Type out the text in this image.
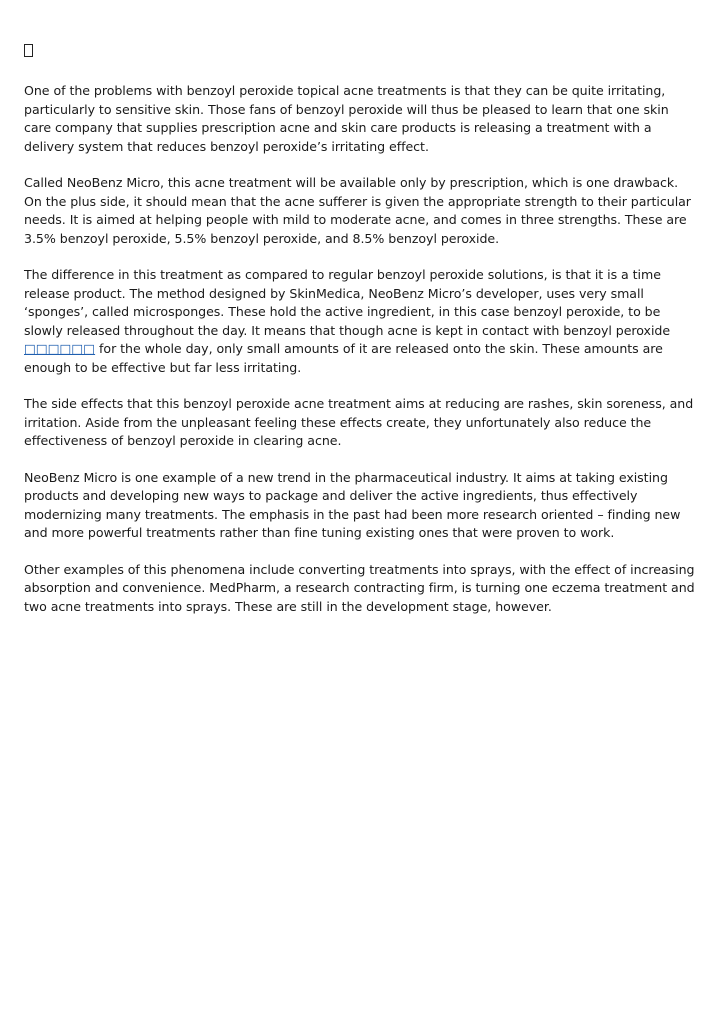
One of the problems with benzoyl peroxide topical acne treatments is that they can be quite irritating, particularly to sensitive skin. Those fans of benzoyl peroxide will thus be pleased to learn that one skin care company that supplies prescription acne and skin care products is releasing a treatment with a delivery system that reduces benzoyl peroxide’s irritating effect.

Called NeoBenz Micro, this acne treatment will be available only by prescription, which is one drawback. On the plus side, it should mean that the acne sufferer is given the appropriate strength to their particular needs. It is aimed at helping people with mild to moderate acne, and comes in three strengths. These are 3.5% benzoyl peroxide, 5.5% benzoyl peroxide, and 8.5% benzoyl peroxide.

The difference in this treatment as compared to regular benzoyl peroxide solutions, is that it is a time release product. The method designed by SkinMedica, NeoBenz Micro’s developer, uses very small ‘sponges’, called microsponges. These hold the active ingredient, in this case benzoyl peroxide, to be slowly released throughout the day. It means that though acne is kept in contact with benzoyl peroxide □□□□□□ for the whole day, only small amounts of it are released onto the skin. These amounts are enough to be effective but far less irritating.

The side effects that this benzoyl peroxide acne treatment aims at reducing are rashes, skin soreness, and irritation. Aside from the unpleasant feeling these effects create, they unfortunately also reduce the effectiveness of benzoyl peroxide in clearing acne.

NeoBenz Micro is one example of a new trend in the pharmaceutical industry. It aims at taking existing products and developing new ways to package and deliver the active ingredients, thus effectively modernizing many treatments. The emphasis in the past had been more research oriented – finding new and more powerful treatments rather than fine tuning existing ones that were proven to work.

Other examples of this phenomena include converting treatments into sprays, with the effect of increasing absorption and convenience. MedPharm, a research contracting firm, is turning one eczema treatment and two acne treatments into sprays. These are still in the development stage, however.
